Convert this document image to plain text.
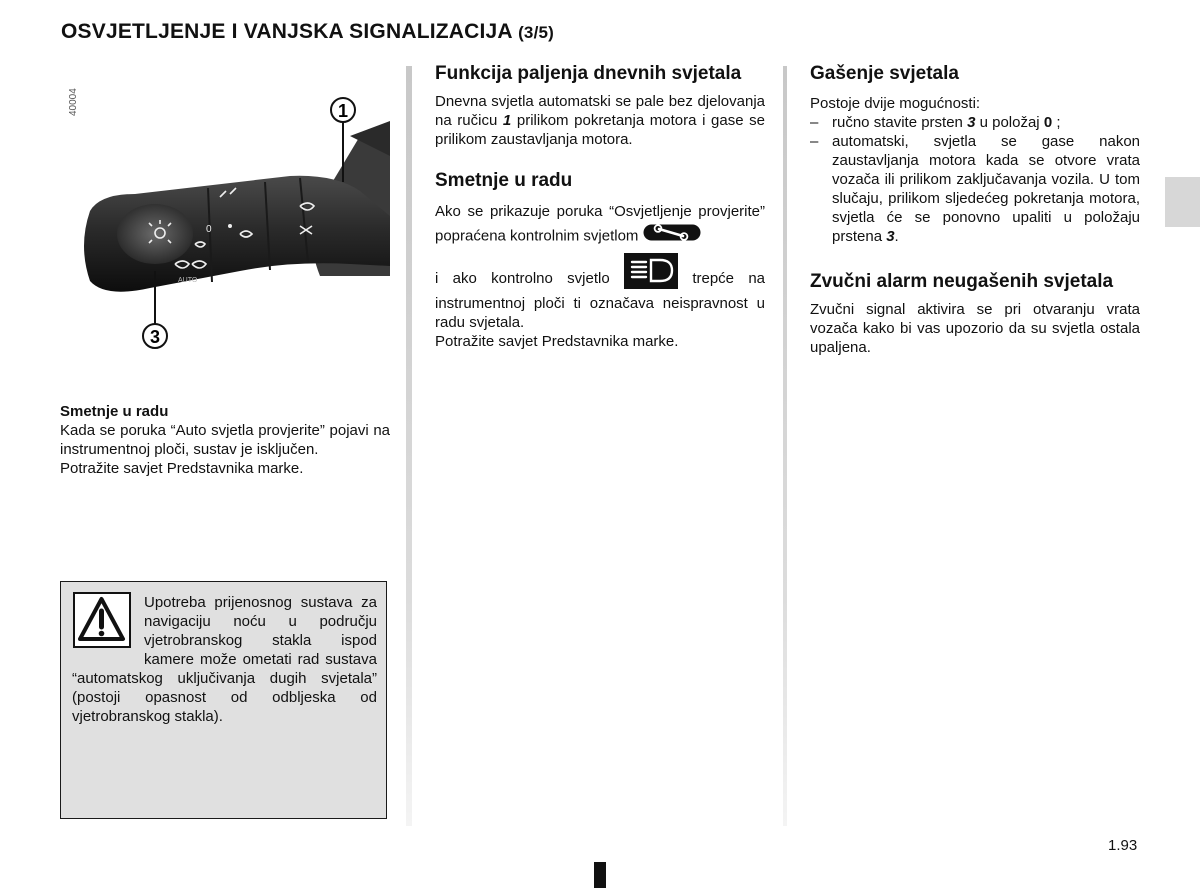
OSVJETLJENJE I VANJSKA SIGNALIZACIJA (3/5)
0
AUTO
1
3
40004
Smetnje u radu
Kada se poruka “Auto svjetla provjerite” pojavi na instrumentnoj ploči, sustav je isključen.
Potražite savjet Predstavnika marke.
Upotreba prijenosnog sustava za navigaciju noću u području vjetrobranskog stakla ispod kamere može ometati rad sustava “automatskog uključivanja dugih svjetala” (postoji opasnost od odbljeska od vjetrobranskog stakla).
Funkcija paljenja dnevnih svjetala
Dnevna svjetla automatski se pale bez djelovanja na ručicu 1 prilikom pokretanja motora i gase se prilikom zaustavljanja motora.
Smetnje u radu
Ako se prikazuje poruka “Osvjetljenje provjerite” popraćena kontrolnim svjetlom
i ako kontrolno svjetlo	trepće na instrumentnoj ploči ti označava neispravnost u radu svjetala.
Potražite savjet Predstavnika marke.
Gašenje svjetala
Postoje dvije mogućnosti:
– ručno stavite prsten 3 u položaj 0 ;
– automatski, svjetla se gase nakon zaustavljanja motora kada se otvore vrata vozača ili prilikom zaključavanja vozila. U tom slučaju, prilikom sljedećeg pokretanja motora, svjetla će se ponovno upaliti u položaju prstena 3.
Zvučni alarm neugašenih svjetala
Zvučni signal aktivira se pri otvaranju vrata vozača kako bi vas upozorio da su svjetla ostala upaljena.
1.93
